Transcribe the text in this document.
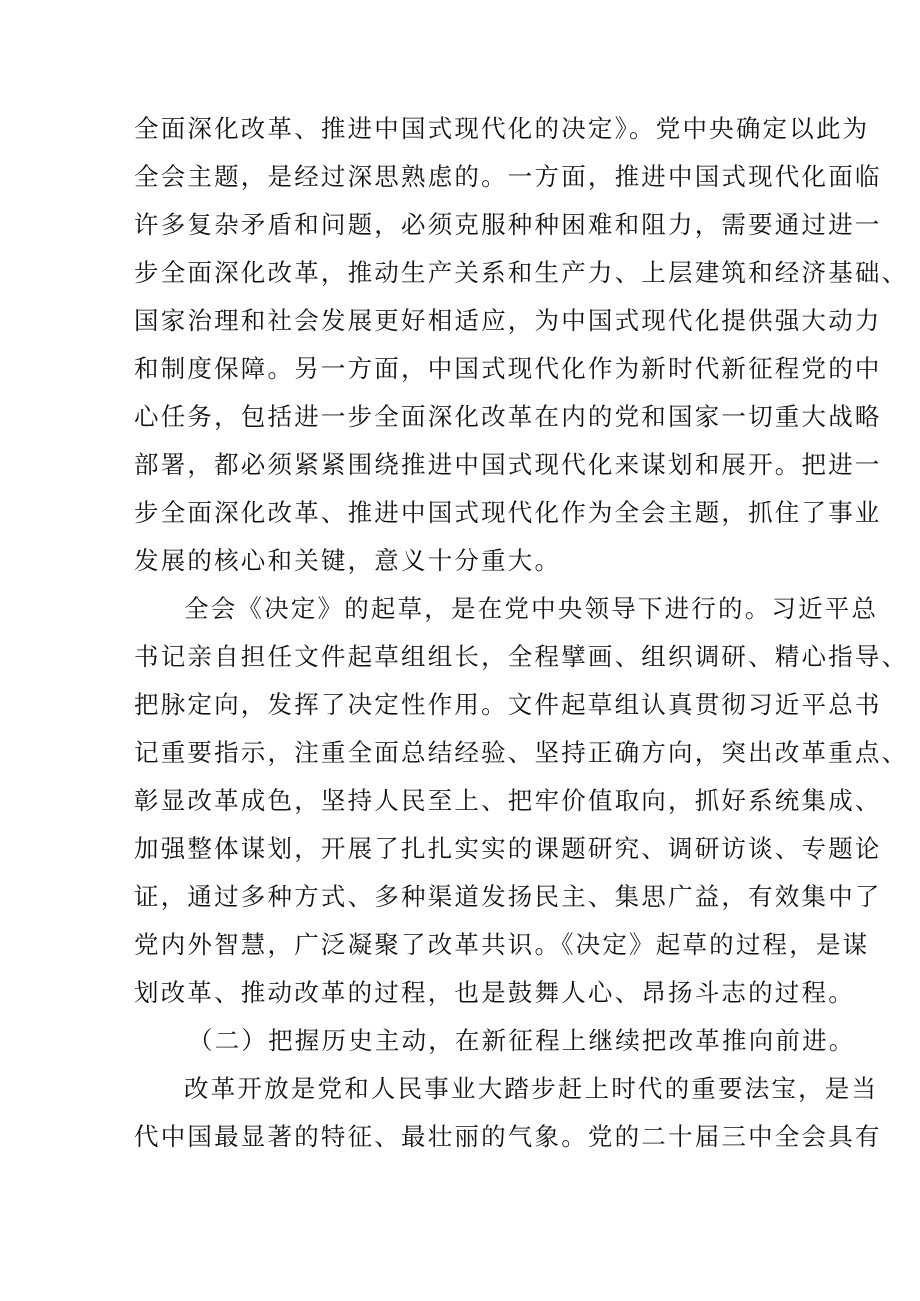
全面深化改革、推进中国式现代化的决定》。党中央确定以此为
全会主题，是经过深思熟虑的。一方面，推进中国式现代化面临
许多复杂矛盾和问题，必须克服种种困难和阻力，需要通过进一
步全面深化改革，推动生产关系和生产力、上层建筑和经济基础、
国家治理和社会发展更好相适应，为中国式现代化提供强大动力
和制度保障。另一方面，中国式现代化作为新时代新征程党的中
心任务，包括进一步全面深化改革在内的党和国家一切重大战略
部署，都必须紧紧围绕推进中国式现代化来谋划和展开。把进一
步全面深化改革、推进中国式现代化作为全会主题，抓住了事业
发展的核心和关键，意义十分重大。
全会《决定》的起草，是在党中央领导下进行的。习近平总
书记亲自担任文件起草组组长，全程擘画、组织调研、精心指导、
把脉定向，发挥了决定性作用。文件起草组认真贯彻习近平总书
记重要指示，注重全面总结经验、坚持正确方向，突出改革重点、
彰显改革成色，坚持人民至上、把牢价值取向，抓好系统集成、
加强整体谋划，开展了扎扎实实的课题研究、调研访谈、专题论
证，通过多种方式、多种渠道发扬民主、集思广益，有效集中了
党内外智慧，广泛凝聚了改革共识。《决定》起草的过程，是谋
划改革、推动改革的过程，也是鼓舞人心、昂扬斗志的过程。
（二）把握历史主动，在新征程上继续把改革推向前进。
改革开放是党和人民事业大踏步赶上时代的重要法宝，是当
代中国最显著的特征、最壮丽的气象。党的二十届三中全会具有
